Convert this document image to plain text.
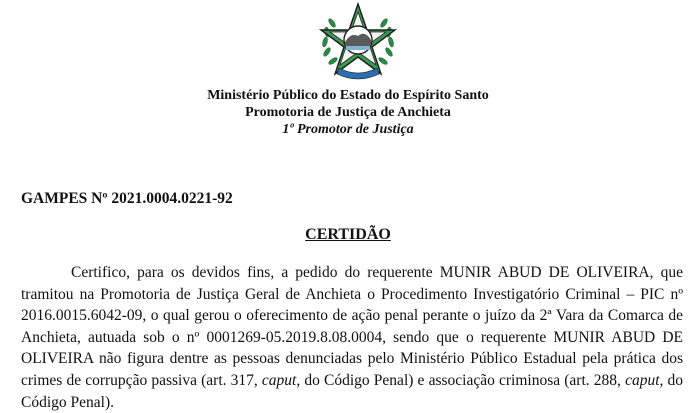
Ministério Público do Estado do Espírito Santo
Promotoria de Justiça de Anchieta
1º Promotor de Justiça
GAMPES Nº 2021.0004.0221-92
CERTIDÃO
Certifico, para os devidos fins, a pedido do requerente MUNIR ABUD DE OLIVEIRA, que
tramitou na Promotoria de Justiça Geral de Anchieta o Procedimento Investigatório Criminal – PIC nº
2016.0015.6042-09, o qual gerou o oferecimento de ação penal perante o juízo da 2ª Vara da Comarca de
Anchieta, autuada sob o nº 0001269-05.2019.8.08.0004, sendo que o requerente MUNIR ABUD DE
OLIVEIRA não figura dentre as pessoas denunciadas pelo Ministério Público Estadual pela prática dos
crimes de corrupção passiva (art. 317, caput, do Código Penal) e associação criminosa (art. 288, caput, do
Código Penal).
